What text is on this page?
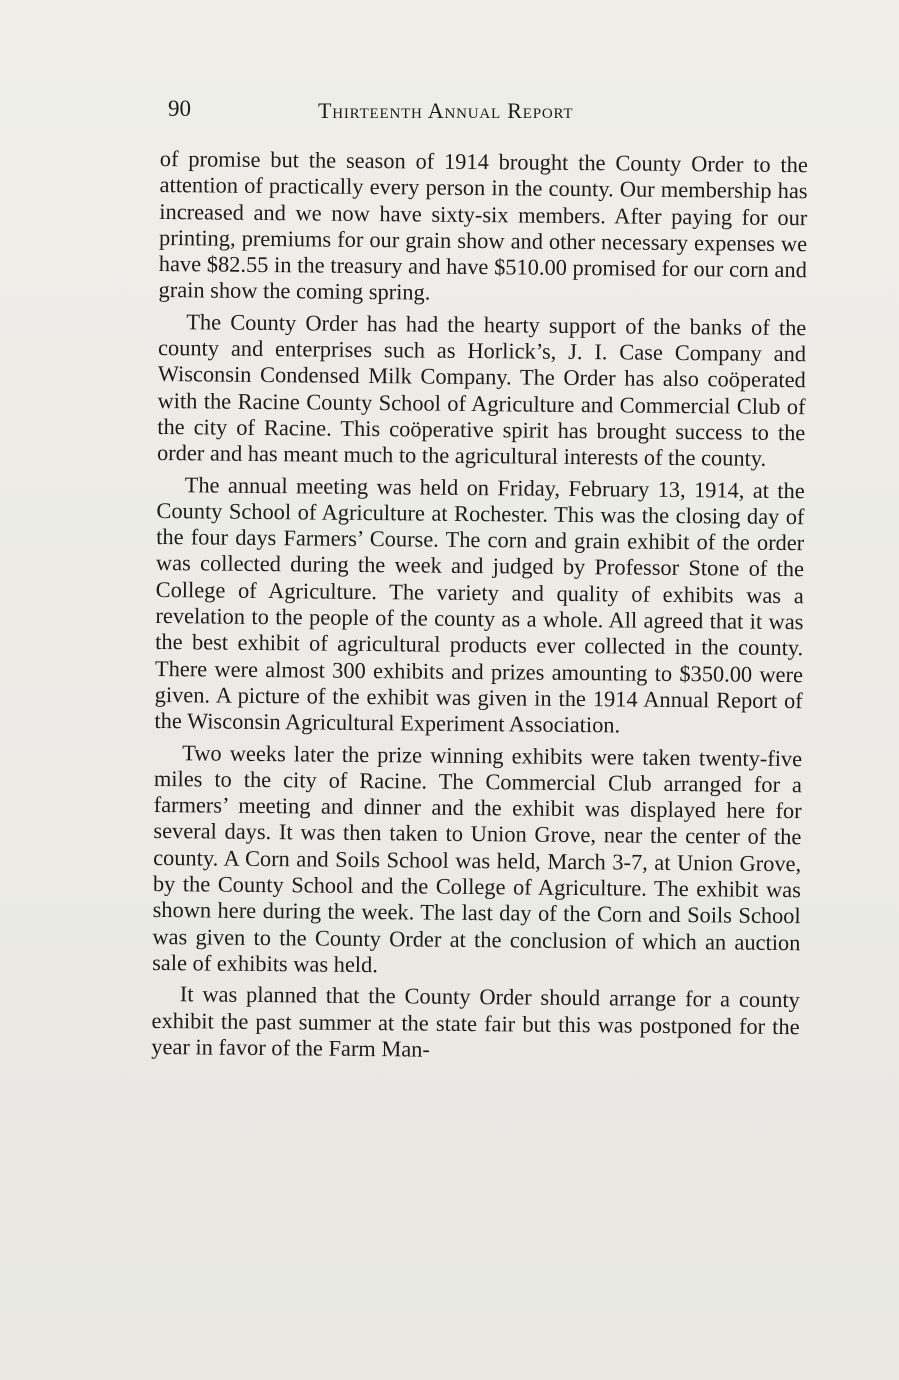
90	Thirteenth Annual Report

of promise but the season of 1914 brought the County Order to the attention of practically every person in the county. Our membership has increased and we now have sixty-six members. After paying for our printing, premiums for our grain show and other necessary expenses we have $82.55 in the treasury and have $510.00 promised for our corn and grain show the coming spring.

The County Order has had the hearty support of the banks of the county and enterprises such as Horlick’s, J. I. Case Company and Wisconsin Condensed Milk Company. The Order has also coöperated with the Racine County School of Agriculture and Commercial Club of the city of Racine. This coöperative spirit has brought success to the order and has meant much to the agricultural interests of the county.

The annual meeting was held on Friday, February 13, 1914, at the County School of Agriculture at Rochester. This was the closing day of the four days Farmers’ Course. The corn and grain exhibit of the order was collected during the week and judged by Professor Stone of the College of Agriculture. The variety and quality of exhibits was a revelation to the people of the county as a whole. All agreed that it was the best exhibit of agricultural products ever collected in the county. There were almost 300 exhibits and prizes amounting to $350.00 were given. A picture of the exhibit was given in the 1914 Annual Report of the Wisconsin Agricultural Experiment Association.

Two weeks later the prize winning exhibits were taken twenty-five miles to the city of Racine. The Commercial Club arranged for a farmers’ meeting and dinner and the exhibit was displayed here for several days. It was then taken to Union Grove, near the center of the county. A Corn and Soils School was held, March 3-7, at Union Grove, by the County School and the College of Agriculture. The exhibit was shown here during the week. The last day of the Corn and Soils School was given to the County Order at the conclusion of which an auction sale of exhibits was held.

It was planned that the County Order should arrange for a county exhibit the past summer at the state fair but this was postponed for the year in favor of the Farm Man-
